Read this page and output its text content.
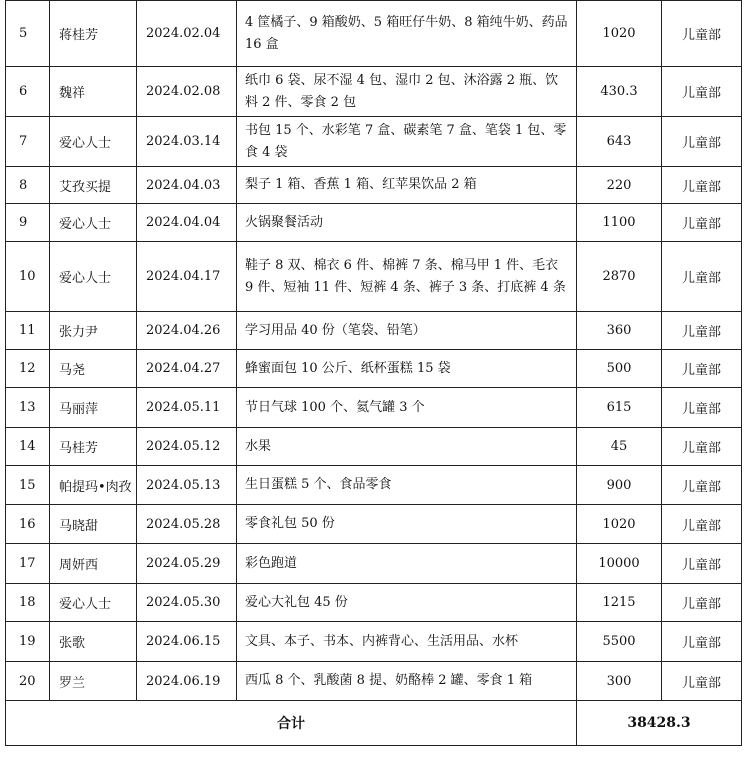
5	蒋桂芳	2024.02.04	4 筐橘子、9 箱酸奶、5 箱旺仔牛奶、8 箱纯牛奶、药品 16 盒	1020	儿童部
6	魏祥	2024.02.08	纸巾 6 袋、尿不湿 4 包、湿巾 2 包、沐浴露 2 瓶、饮料 2 件、零食 2 包	430.3	儿童部
7	爱心人士	2024.03.14	书包 15 个、水彩笔 7 盒、碳素笔 7 盒、笔袋 1 包、零食 4 袋	643	儿童部
8	艾孜买提	2024.04.03	梨子 1 箱、香蕉 1 箱、红苹果饮品 2 箱	220	儿童部
9	爱心人士	2024.04.04	火锅聚餐活动	1100	儿童部
10	爱心人士	2024.04.17	鞋子 8 双、棉衣 6 件、棉裤 7 条、棉马甲 1 件、毛衣 9 件、短袖 11 件、短裤 4 条、裤子 3 条、打底裤 4 条	2870	儿童部
11	张力尹	2024.04.26	学习用品 40 份（笔袋、铅笔）	360	儿童部
12	马尧	2024.04.27	蜂蜜面包 10 公斤、纸杯蛋糕 15 袋	500	儿童部
13	马丽萍	2024.05.11	节日气球 100 个、氦气罐 3 个	615	儿童部
14	马桂芳	2024.05.12	水果	45	儿童部
15	帕提玛•肉孜	2024.05.13	生日蛋糕 5 个、食品零食	900	儿童部
16	马晓甜	2024.05.28	零食礼包 50 份	1020	儿童部
17	周妍西	2024.05.29	彩色跑道	10000	儿童部
18	爱心人士	2024.05.30	爱心大礼包 45 份	1215	儿童部
19	张歌	2024.06.15	文具、本子、书本、内裤背心、生活用品、水杯	5500	儿童部
20	罗兰	2024.06.19	西瓜 8 个、乳酸菌 8 提、奶酪棒 2 罐、零食 1 箱	300	儿童部
合计				38428.3	
